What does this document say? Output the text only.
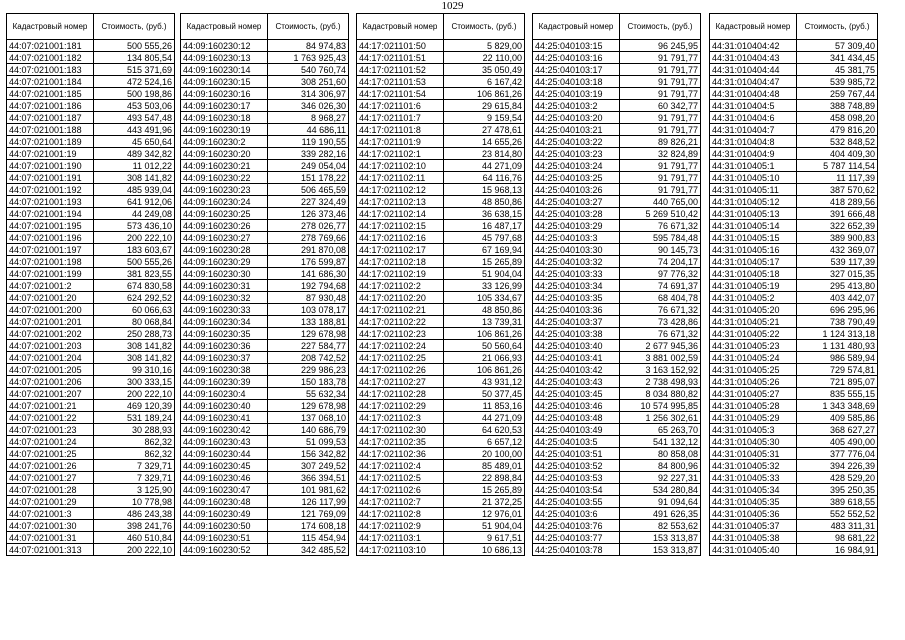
1029
Кадастровый номер	Стоимость, (руб.)
44:07:021001:181	500 555,26
44:07:021001:182	134 805,54
44:07:021001:183	515 371,69
44:07:021001:184	472 524,16
44:07:021001:185	500 198,86
44:07:021001:186	453 503,06
44:07:021001:187	493 547,48
44:07:021001:188	443 491,96
44:07:021001:189	45 650,64
44:07:021001:19	489 342,82
44:07:021001:190	11 012,22
44:07:021001:191	308 141,82
44:07:021001:192	485 939,04
44:07:021001:193	641 912,06
44:07:021001:194	44 249,08
44:07:021001:195	573 436,10
44:07:021001:196	200 222,10
44:07:021001:197	183 603,67
44:07:021001:198	500 555,26
44:07:021001:199	381 823,55
44:07:021001:2	674 830,58
44:07:021001:20	624 292,52
44:07:021001:200	60 066,63
44:07:021001:201	80 068,84
44:07:021001:202	250 288,73
44:07:021001:203	308 141,82
44:07:021001:204	308 141,82
44:07:021001:205	99 310,16
44:07:021001:206	300 333,15
44:07:021001:207	200 222,10
44:07:021001:21	469 120,39
44:07:021001:22	531 189,24
44:07:021001:23	30 288,93
44:07:021001:24	862,32
44:07:021001:25	862,32
44:07:021001:26	7 329,71
44:07:021001:27	7 329,71
44:07:021001:28	3 125,90
44:07:021001:29	10 778,98
44:07:021001:3	486 243,38
44:07:021001:30	398 241,76
44:07:021001:31	460 510,84
44:07:021001:313	200 222,10
Кадастровый номер	Стоимость, (руб.)
44:09:160230:12	84 974,83
44:09:160230:13	1 763 925,43
44:09:160230:14	540 760,74
44:09:160230:15	308 251,60
44:09:160230:16	314 306,97
44:09:160230:17	346 026,30
44:09:160230:18	8 968,27
44:09:160230:19	44 686,11
44:09:160230:2	119 190,55
44:09:160230:20	339 282,16
44:09:160230:21	249 054,04
44:09:160230:22	151 178,22
44:09:160230:23	506 465,59
44:09:160230:24	227 324,49
44:09:160230:25	126 373,46
44:09:160230:26	278 026,77
44:09:160230:27	278 769,66
44:09:160230:28	291 870,08
44:09:160230:29	176 599,87
44:09:160230:30	141 686,30
44:09:160230:31	192 794,68
44:09:160230:32	87 930,48
44:09:160230:33	103 078,17
44:09:160230:34	133 188,81
44:09:160230:35	129 678,98
44:09:160230:36	227 584,77
44:09:160230:37	208 742,52
44:09:160230:38	229 986,23
44:09:160230:39	150 183,78
44:09:160230:4	55 632,34
44:09:160230:40	129 678,98
44:09:160230:41	137 068,10
44:09:160230:42	140 686,79
44:09:160230:43	51 099,53
44:09:160230:44	156 342,82
44:09:160230:45	307 249,52
44:09:160230:46	366 394,51
44:09:160230:47	101 981,62
44:09:160230:48	126 117,99
44:09:160230:49	121 769,09
44:09:160230:50	174 608,18
44:09:160230:51	115 454,94
44:09:160230:52	342 485,52
Кадастровый номер	Стоимость, (руб.)
44:17:021101:50	5 829,00
44:17:021101:51	22 110,00
44:17:021101:52	35 050,49
44:17:021101:53	6 167,42
44:17:021101:54	106 861,26
44:17:021101:6	29 615,84
44:17:021101:7	9 159,54
44:17:021101:8	27 478,61
44:17:021101:9	14 655,26
44:17:021102:1	23 814,80
44:17:021102:10	44 271,09
44:17:021102:11	64 116,76
44:17:021102:12	15 968,13
44:17:021102:13	48 850,86
44:17:021102:14	36 638,15
44:17:021102:15	16 487,17
44:17:021102:16	45 797,68
44:17:021102:17	67 169,94
44:17:021102:18	15 265,89
44:17:021102:19	51 904,04
44:17:021102:2	33 126,99
44:17:021102:20	105 334,67
44:17:021102:21	48 850,86
44:17:021102:22	13 739,31
44:17:021102:23	106 861,26
44:17:021102:24	50 560,64
44:17:021102:25	21 066,93
44:17:021102:26	106 861,26
44:17:021102:27	43 931,12
44:17:021102:28	50 377,45
44:17:021102:29	11 853,16
44:17:021102:3	44 271,09
44:17:021102:30	64 620,53
44:17:021102:35	6 657,12
44:17:021102:36	20 100,00
44:17:021102:4	85 489,01
44:17:021102:5	22 898,84
44:17:021102:6	15 265,89
44:17:021102:7	21 372,25
44:17:021102:8	12 976,01
44:17:021102:9	51 904,04
44:17:021103:1	9 617,51
44:17:021103:10	10 686,13
Кадастровый номер	Стоимость, (руб.)
44:25:040103:15	96 245,95
44:25:040103:16	91 791,77
44:25:040103:17	91 791,77
44:25:040103:18	91 791,77
44:25:040103:19	91 791,77
44:25:040103:2	60 342,77
44:25:040103:20	91 791,77
44:25:040103:21	91 791,77
44:25:040103:22	89 826,21
44:25:040103:23	32 824,89
44:25:040103:24	91 791,77
44:25:040103:25	91 791,77
44:25:040103:26	91 791,77
44:25:040103:27	440 765,00
44:25:040103:28	5 269 510,42
44:25:040103:29	76 671,32
44:25:040103:3	595 784,48
44:25:040103:30	90 145,73
44:25:040103:32	74 204,17
44:25:040103:33	97 776,32
44:25:040103:34	74 691,37
44:25:040103:35	68 404,78
44:25:040103:36	76 671,32
44:25:040103:37	73 428,86
44:25:040103:38	76 671,32
44:25:040103:40	2 677 945,36
44:25:040103:41	3 881 002,59
44:25:040103:42	3 163 152,92
44:25:040103:43	2 738 498,93
44:25:040103:45	8 034 880,82
44:25:040103:46	10 574 995,85
44:25:040103:48	1 256 302,61
44:25:040103:49	65 263,70
44:25:040103:5	541 132,12
44:25:040103:51	80 858,08
44:25:040103:52	84 800,96
44:25:040103:53	92 227,31
44:25:040103:54	534 280,84
44:25:040103:55	91 094,64
44:25:040103:6	491 626,35
44:25:040103:76	82 553,62
44:25:040103:77	153 313,87
44:25:040103:78	153 313,87
Кадастровый номер	Стоимость, (руб.)
44:31:010404:42	57 309,40
44:31:010404:43	341 434,45
44:31:010404:44	45 381,75
44:31:010404:47	539 985,72
44:31:010404:48	259 767,44
44:31:010404:5	388 748,89
44:31:010404:6	458 098,20
44:31:010404:7	479 816,20
44:31:010404:8	532 848,52
44:31:010404:9	404 409,30
44:31:010405:1	5 787 114,54
44:31:010405:10	11 117,39
44:31:010405:11	387 570,62
44:31:010405:12	418 289,56
44:31:010405:13	391 666,48
44:31:010405:14	322 652,39
44:31:010405:15	389 900,83
44:31:010405:16	432 369,07
44:31:010405:17	539 117,39
44:31:010405:18	327 015,35
44:31:010405:19	295 413,80
44:31:010405:2	403 442,07
44:31:010405:20	696 295,96
44:31:010405:21	738 790,49
44:31:010405:22	1 124 313,18
44:31:010405:23	1 131 480,93
44:31:010405:24	986 589,94
44:31:010405:25	729 574,81
44:31:010405:26	721 895,07
44:31:010405:27	835 555,15
44:31:010405:28	1 343 348,69
44:31:010405:29	409 585,86
44:31:010405:3	368 627,27
44:31:010405:30	405 490,00
44:31:010405:31	377 776,04
44:31:010405:32	394 226,39
44:31:010405:33	428 529,20
44:31:010405:34	395 250,35
44:31:010405:35	389 618,55
44:31:010405:36	552 552,52
44:31:010405:37	483 311,31
44:31:010405:38	98 681,22
44:31:010405:40	16 984,91
